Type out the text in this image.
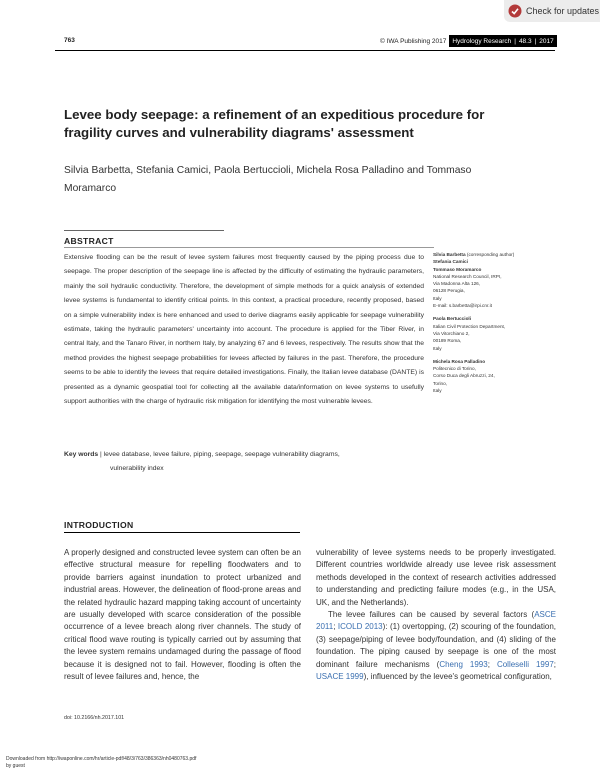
Check for updates
763	© IWA Publishing 2017 Hydrology Research | 48.3 | 2017
Levee body seepage: a refinement of an expeditious procedure for fragility curves and vulnerability diagrams' assessment
Silvia Barbetta, Stefania Camici, Paola Bertuccioli, Michela Rosa Palladino and Tommaso Moramarco
ABSTRACT
Extensive flooding can be the result of levee system failures most frequently caused by the piping process due to seepage. The proper description of the seepage line is affected by the difficulty of estimating the hydraulic parameters, mainly the soil hydraulic conductivity. Therefore, the development of simple methods for a quick analysis of extended levee systems is fundamental to identify critical points. In this context, a practical procedure, recently proposed, based on a simple vulnerability index is here enhanced and used to derive diagrams easily applicable for seepage vulnerability estimate, taking the hydraulic parameters' uncertainty into account. The procedure is applied for the Tiber River, in central Italy, and the Tanaro River, in northern Italy, by analyzing 67 and 6 levees, respectively. The results show that the method provides the highest seepage probabilities for levees affected by failures in the past. Therefore, the procedure seems to be able to identify the levees that require detailed investigations. Finally, the Italian levee database (DANTE) is presented as a dynamic geospatial tool for collecting all the available data/information on levee systems to usefully support authorities with the charge of hydraulic risk mitigation for identifying the most vulnerable levees.
Key words | levee database, levee failure, piping, seepage, seepage vulnerability diagrams,
vulnerability index
Silvia Barbetta (corresponding author)
Stefania Camici
Tommaso Moramarco
National Research Council, IRPI,
Via Madonna Alta 126,
06128 Perugia,
Italy
E-mail: s.barbetta@irpi.cnr.it
Paola Bertuccioli
Italian Civil Protection Department,
Via Vitorchiano 2,
00189 Roma,
Italy
Michela Rosa Palladino
Politecnico di Torino,
Corso Duca degli Abruzzi, 24,
Torino,
Italy
INTRODUCTION
A properly designed and constructed levee system can often be an effective structural measure for repelling floodwaters and to provide barriers against inundation to protect urbanized and industrial areas. However, the delineation of flood-prone areas and the related hydraulic hazard mapping taking account of uncertainty are usually developed with scarce consideration of the possible occurrence of a levee breach along river channels. The study of critical flood wave routing is typically carried out by assuming that the levee system remains undamaged during the passage of flood because it is designed not to fail. However, flooding is often the result of levee failures and, hence, the
vulnerability of levee systems needs to be properly investigated. Different countries worldwide already use levee risk assessment methods developed in the context of research activities addressed to understanding and predicting failure modes (e.g., in the USA, UK, and the Netherlands).
The levee failures can be caused by several factors (ASCE 2011; ICOLD 2013): (1) overtopping, (2) scouring of the foundation, (3) seepage/piping of levee body/foundation, and (4) sliding of the foundation. The piping caused by seepage is one of the most dominant failure mechanisms (Cheng 1993; Colleselli 1997; USACE 1999), influenced by the levee's geometrical configuration,
doi: 10.2166/nh.2017.101
Downloaded from http://iwaponline.com/hr/article-pdf/48/3/763/386363/nh0480763.pdf
by guest
